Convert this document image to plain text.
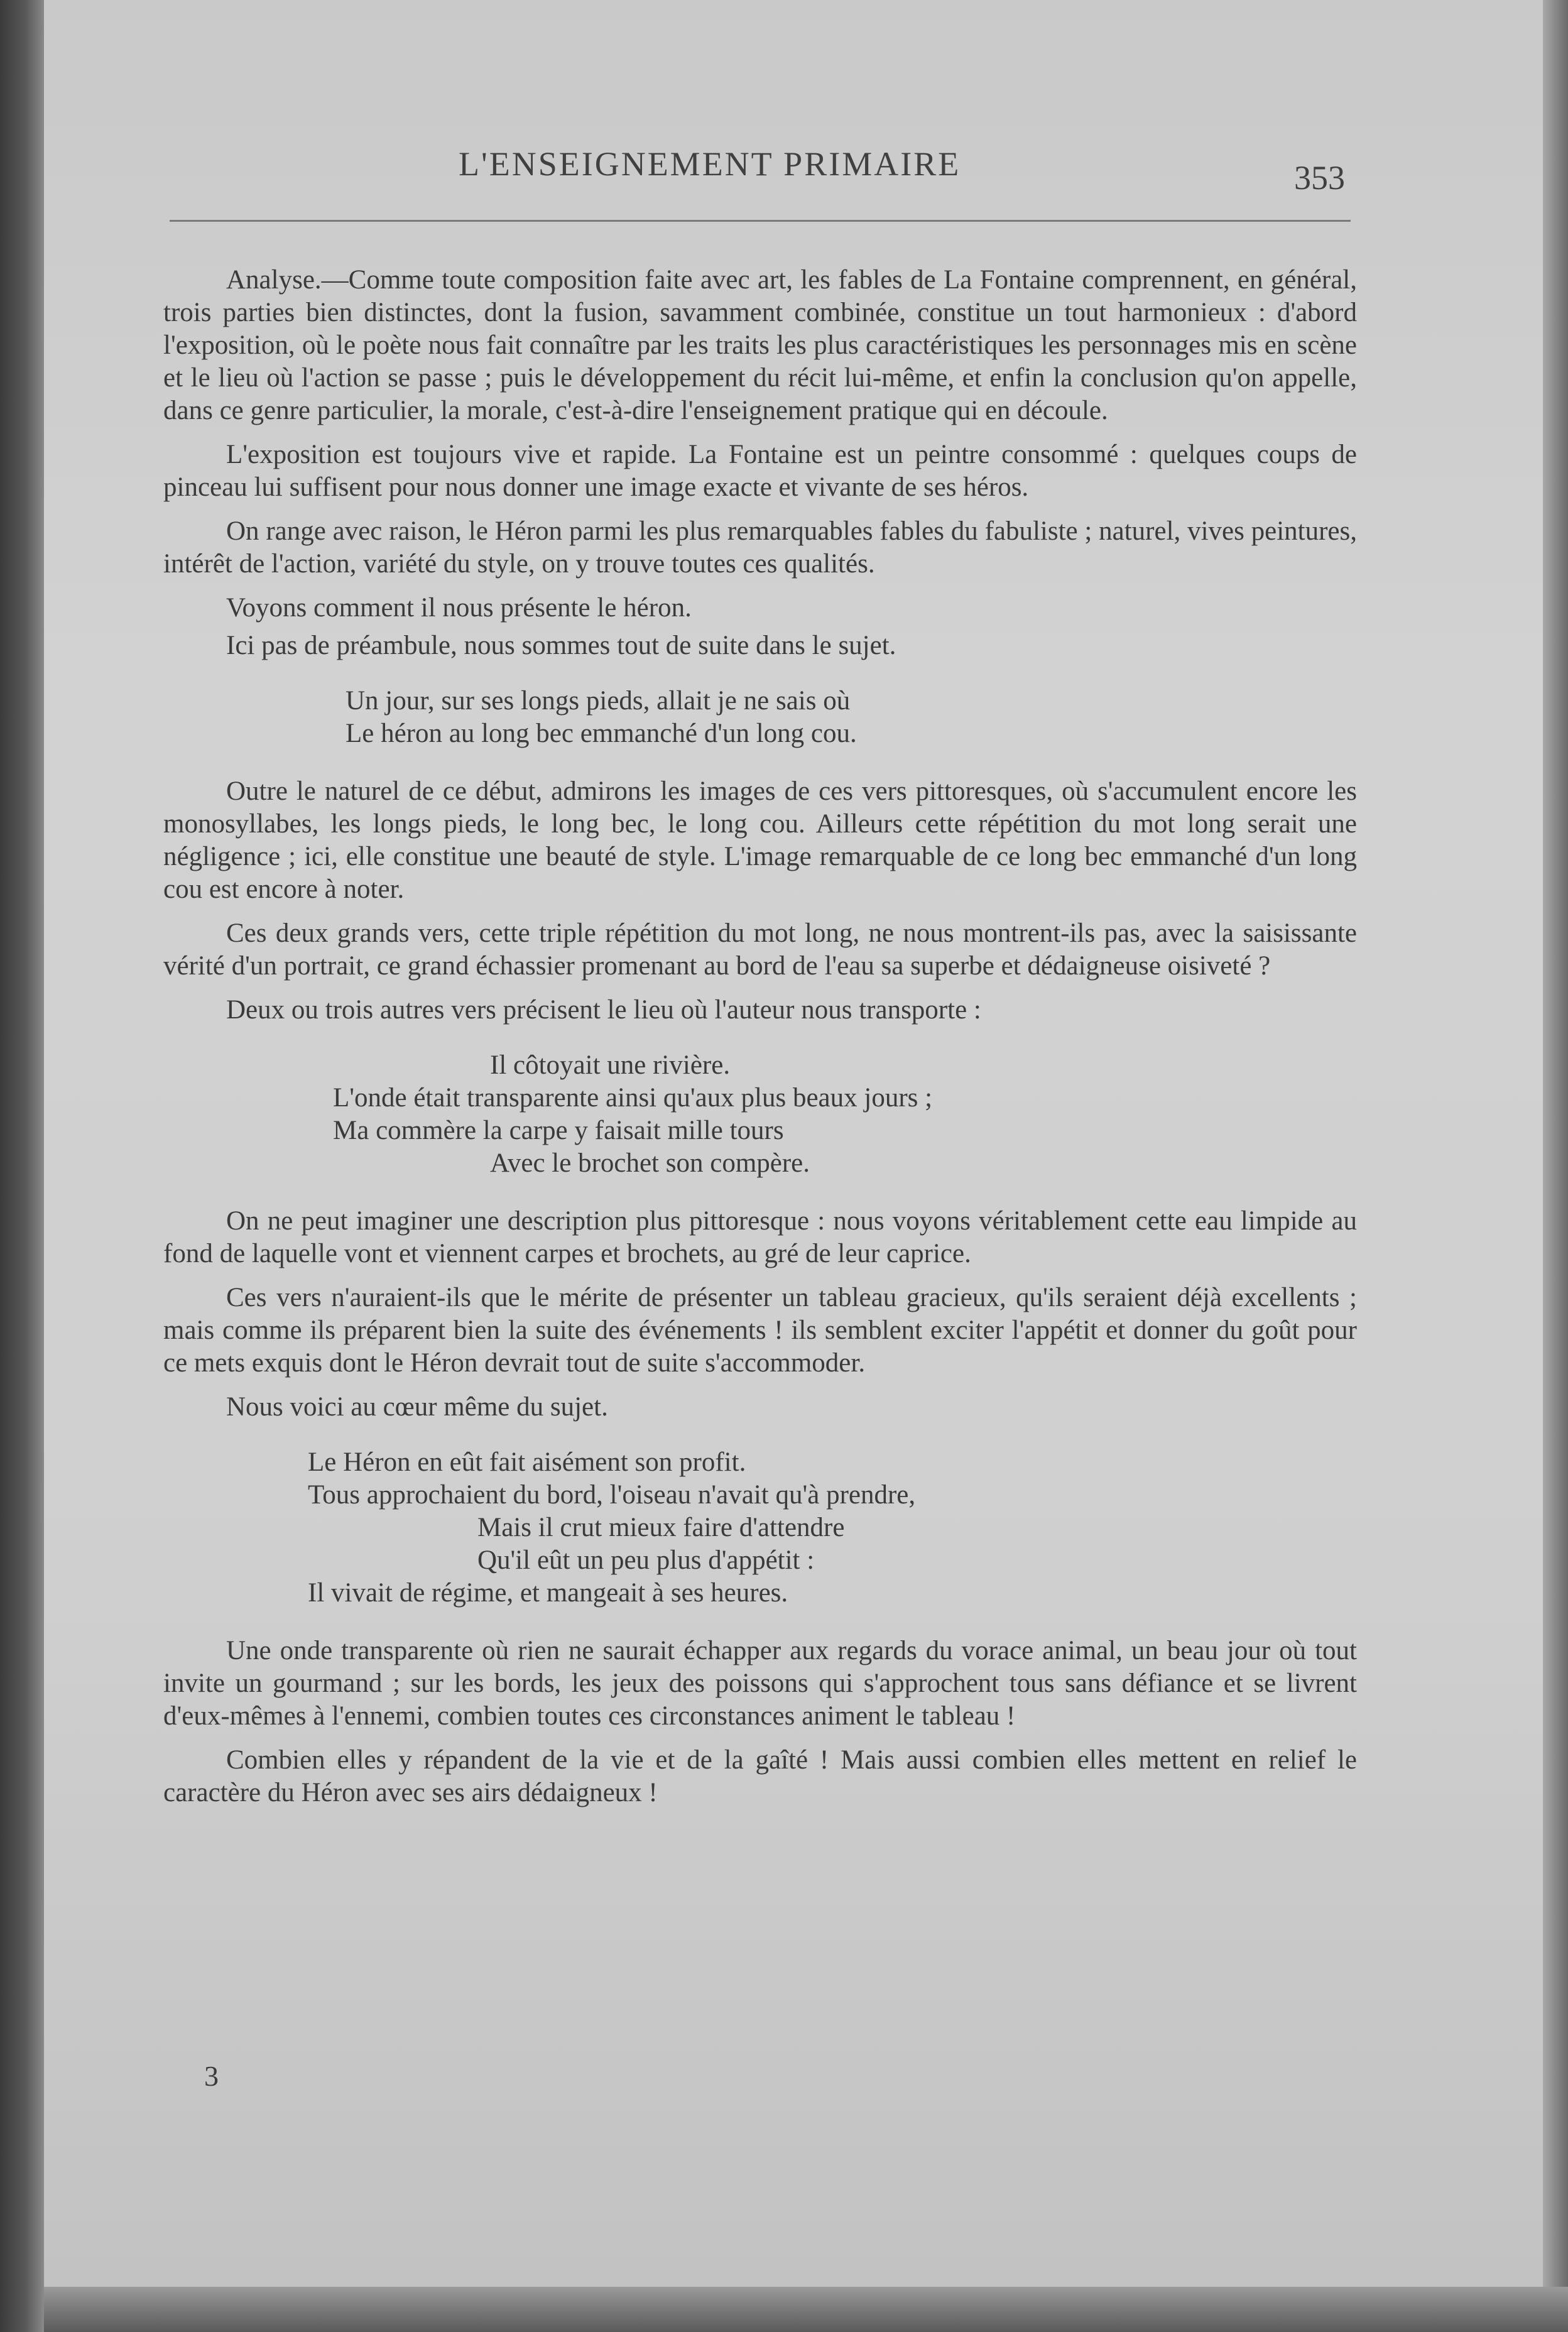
L'ENSEIGNEMENT PRIMAIRE	353

Analyse.—Comme toute composition faite avec art, les fables de La Fontaine comprennent, en général, trois parties bien distinctes, dont la fusion, savamment combinée, constitue un tout harmonieux : d'abord l'exposition, où le poète nous fait connaître par les traits les plus caractéristiques les personnages mis en scène et le lieu où l'action se passe ; puis le développement du récit lui-même, et enfin la conclusion qu'on appelle, dans ce genre particulier, la morale, c'est-à-dire l'enseignement pratique qui en découle.

L'exposition est toujours vive et rapide. La Fontaine est un peintre consommé : quelques coups de pinceau lui suffisent pour nous donner une image exacte et vivante de ses héros.

On range avec raison, le Héron parmi les plus remarquables fables du fabuliste ; naturel, vives peintures, intérêt de l'action, variété du style, on y trouve toutes ces qualités.

Voyons comment il nous présente le héron.

Ici pas de préambule, nous sommes tout de suite dans le sujet.

Un jour, sur ses longs pieds, allait je ne sais où
Le héron au long bec emmanché d'un long cou.

Outre le naturel de ce début, admirons les images de ces vers pittoresques, où s'accumulent encore les monosyllabes, les longs pieds, le long bec, le long cou. Ailleurs cette répétition du mot long serait une négligence ; ici, elle constitue une beauté de style. L'image remarquable de ce long bec emmanché d'un long cou est encore à noter.

Ces deux grands vers, cette triple répétition du mot long, ne nous montrent-ils pas, avec la saisissante vérité d'un portrait, ce grand échassier promenant au bord de l'eau sa superbe et dédaigneuse oisiveté ?

Deux ou trois autres vers précisent le lieu où l'auteur nous transporte :

Il côtoyait une rivière.
L'onde était transparente ainsi qu'aux plus beaux jours ;
Ma commère la carpe y faisait mille tours
Avec le brochet son compère.

On ne peut imaginer une description plus pittoresque : nous voyons véritablement cette eau limpide au fond de laquelle vont et viennent carpes et brochets, au gré de leur caprice.

Ces vers n'auraient-ils que le mérite de présenter un tableau gracieux, qu'ils seraient déjà excellents ; mais comme ils préparent bien la suite des événements ! ils semblent exciter l'appétit et donner du goût pour ce mets exquis dont le Héron devrait tout de suite s'accommoder.

Nous voici au cœur même du sujet.

Le Héron en eût fait aisément son profit.
Tous approchaient du bord, l'oiseau n'avait qu'à prendre,
Mais il crut mieux faire d'attendre
Qu'il eût un peu plus d'appétit :
Il vivait de régime, et mangeait à ses heures.

Une onde transparente où rien ne saurait échapper aux regards du vorace animal, un beau jour où tout invite un gourmand ; sur les bords, les jeux des poissons qui s'approchent tous sans défiance et se livrent d'eux-mêmes à l'ennemi, combien toutes ces circonstances animent le tableau !

Combien elles y répandent de la vie et de la gaîté ! Mais aussi combien elles mettent en relief le caractère du Héron avec ses airs dédaigneux !

3
